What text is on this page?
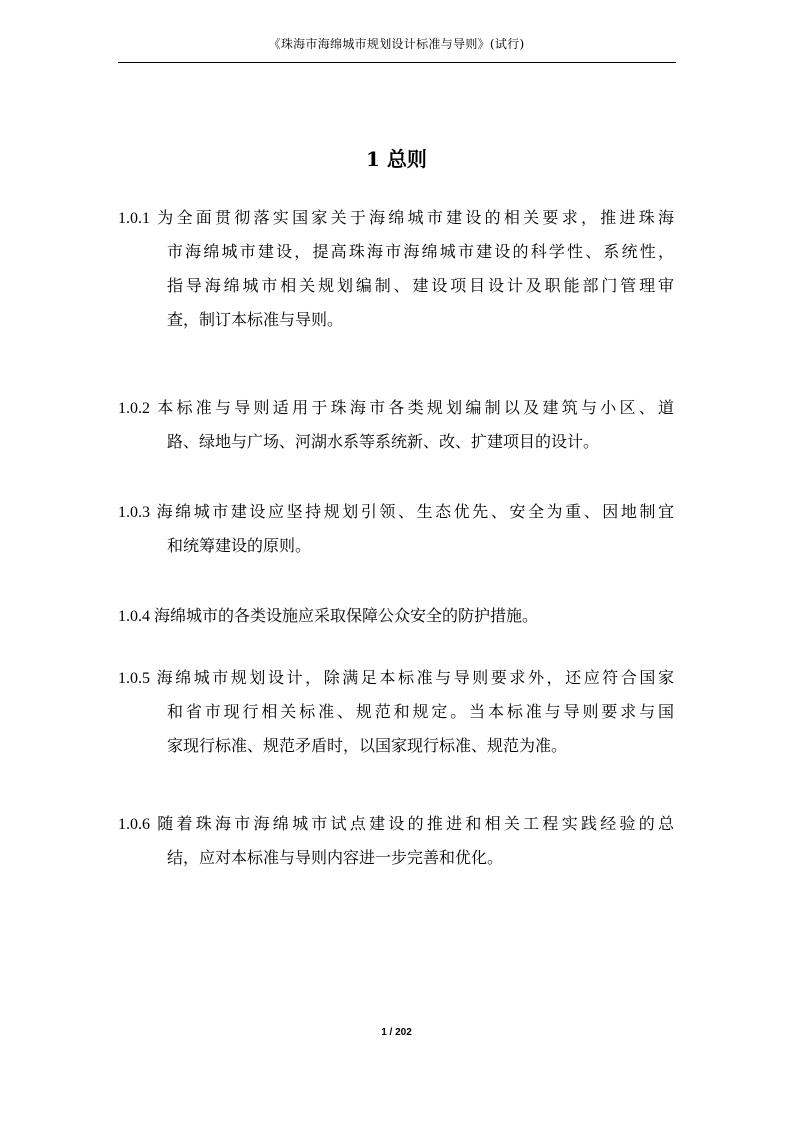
《珠海市海绵城市规划设计标准与导则》(试行)
1 总则
1.0.1 为全面贯彻落实国家关于海绵城市建设的相关要求，推进珠海
市海绵城市建设，提高珠海市海绵城市建设的科学性、系统性，
指导海绵城市相关规划编制、建设项目设计及职能部门管理审
查，制订本标准与导则。
1.0.2 本标准与导则适用于珠海市各类规划编制以及建筑与小区、道
路、绿地与广场、河湖水系等系统新、改、扩建项目的设计。
1.0.3 海绵城市建设应坚持规划引领、生态优先、安全为重、因地制宜
和统筹建设的原则。
1.0.4 海绵城市的各类设施应采取保障公众安全的防护措施。
1.0.5 海绵城市规划设计，除满足本标准与导则要求外，还应符合国家
和省市现行相关标准、规范和规定。当本标准与导则要求与国
家现行标准、规范矛盾时，以国家现行标准、规范为准。
1.0.6 随着珠海市海绵城市试点建设的推进和相关工程实践经验的总
结，应对本标准与导则内容进一步完善和优化。
1 / 202
